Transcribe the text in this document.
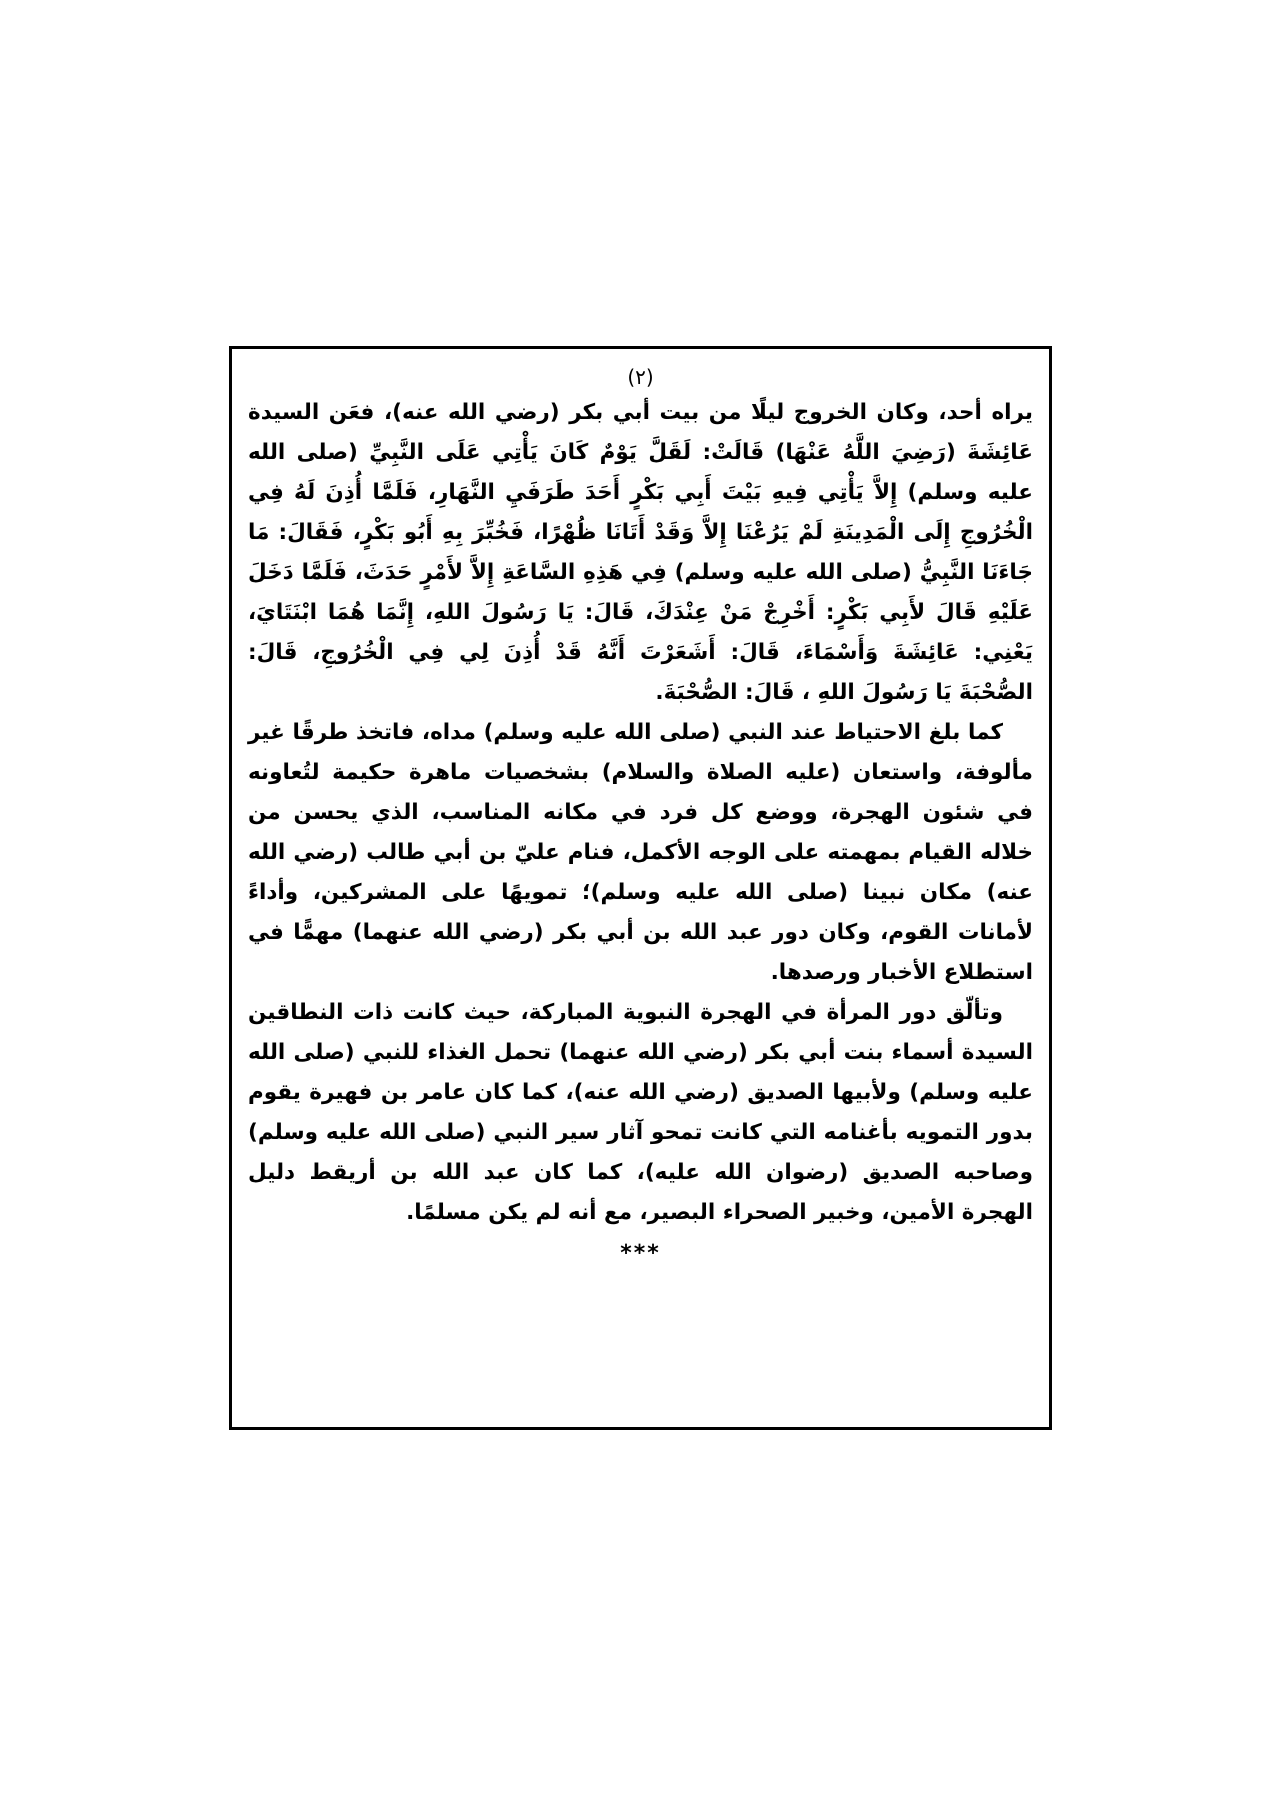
(٢)

يراه أحد، وكان الخروج ليلًا من بيت أبي بكر (رضي الله عنه)، فعَن السيدة عَائِشَةَ (رَضِيَ اللَّهُ عَنْهَا) قَالَتْ: لَقَلَّ يَوْمٌ كَانَ يَأْتِي عَلَى النَّبِيِّ (صلى الله عليه وسلم) إِلاَّ يَأْتِي فِيهِ بَيْتَ أَبِي بَكْرٍ أَحَدَ طَرَفَيِ النَّهَارِ، فَلَمَّا أُذِنَ لَهُ فِي الْخُرُوجِ إِلَى الْمَدِينَةِ لَمْ يَرُعْنَا إِلاَّ وَقَدْ أَتَانَا ظُهْرًا، فَخُبِّرَ بِهِ أَبُو بَكْرٍ، فَقَالَ: مَا جَاءَنَا النَّبِيُّ (صلى الله عليه وسلم) فِي هَذِهِ السَّاعَةِ إِلاَّ لأَمْرٍ حَدَثَ، فَلَمَّا دَخَلَ عَلَيْهِ قَالَ لأَبِي بَكْرٍ: أَخْرِجْ مَنْ عِنْدَكَ، قَالَ: يَا رَسُولَ اللهِ، إِنَّمَا هُمَا ابْنَتَايَ، يَعْنِي: عَائِشَةَ وَأَسْمَاءَ، قَالَ: أَشَعَرْتَ أَنَّهُ قَدْ أُذِنَ لِي فِي الْخُرُوجِ، قَالَ: الصُّحْبَةَ يَا رَسُولَ اللهِ ، قَالَ: الصُّحْبَةَ.

كما بلغ الاحتياط عند النبي (صلى الله عليه وسلم) مداه، فاتخذ طرقًا غير مألوفة، واستعان (عليه الصلاة والسلام) بشخصيات ماهرة حكيمة لتُعاونه في شئون الهجرة، ووضع كل فرد في مكانه المناسب، الذي يحسن من خلاله القيام بمهمته على الوجه الأكمل، فنام عليّ بن أبي طالب (رضي الله عنه) مكان نبينا (صلى الله عليه وسلم)؛ تمويهًا على المشركين، وأداءً لأمانات القوم، وكان دور عبد الله بن أبي بكر (رضي الله عنهما) مهمًّا في استطلاع الأخبار ورصدها.

وتألّق دور المرأة في الهجرة النبوية المباركة، حيث كانت ذات النطاقين السيدة أسماء بنت أبي بكر (رضي الله عنهما) تحمل الغذاء للنبي (صلى الله عليه وسلم) ولأبيها الصديق (رضي الله عنه)، كما كان عامر بن فهيرة يقوم بدور التمويه بأغنامه التي كانت تمحو آثار سير النبي (صلى الله عليه وسلم) وصاحبه الصديق (رضوان الله عليه)، كما كان عبد الله بن أريقط دليل الهجرة الأمين، وخبير الصحراء البصير، مع أنه لم يكن مسلمًا.

***
